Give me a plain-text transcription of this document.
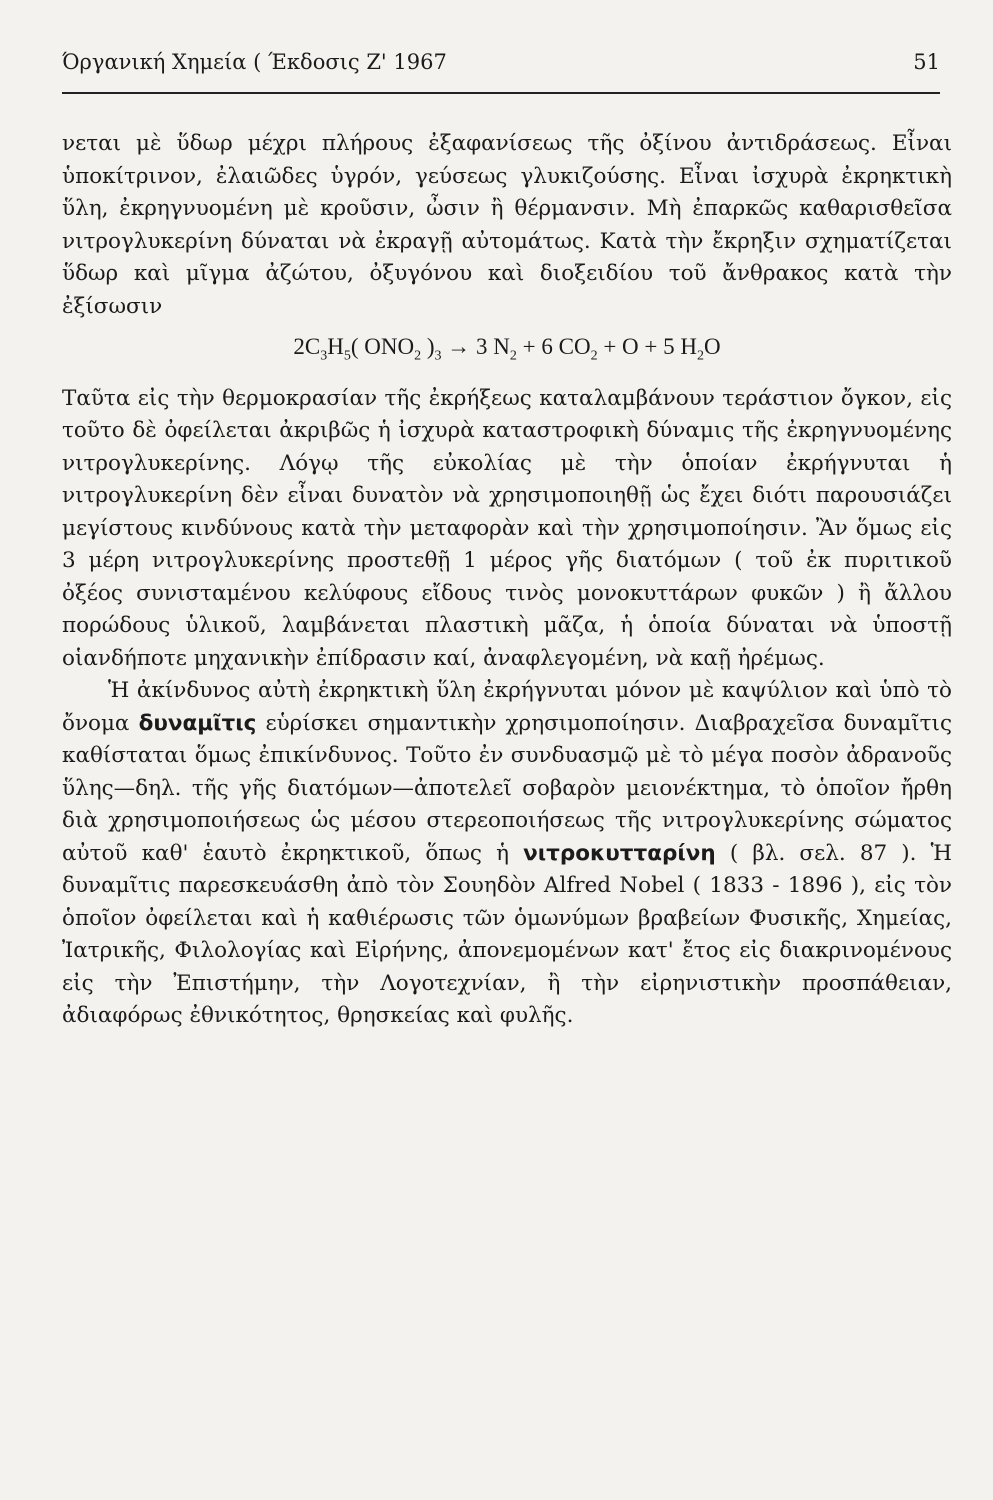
Όργανική Χημεία ( Έκδοσις Ζ' 1967	51

νεται μὲ ὕδωρ μέχρι πλήρους ἐξαφανίσεως τῆς ὀξίνου ἀντιδράσεως. Εἶναι ὑποκίτρινον, ἐλαιῶδες ὑγρόν, γεύσεως γλυκιζούσης. Εἶναι ἰσχυρὰ ἐκρηκτικὴ ὕλη, ἐκρηγνυομένη μὲ κροῦσιν, ὦσιν ἢ θέρμανσιν. Μὴ ἐπαρκῶς καθαρισθεῖσα νιτρογλυκερίνη δύναται νὰ ἐκραγῇ αὐτομάτως. Κατὰ τὴν ἔκρηξιν σχηματίζεται ὕδωρ καὶ μῖγμα ἀζώτου, ὀξυγόνου καὶ διοξειδίου τοῦ ἄνθρακος κατὰ τὴν ἐξίσωσιν

$2C_3H_5$( $ONO_2$ )$_3 \to 3$ $N_2 + 6$ $CO_2 + O + 5$ $H_2O$

Ταῦτα εἰς τὴν θερμοκρασίαν τῆς ἐκρήξεως καταλαμβάνουν τεράστιον ὄγκον, εἰς τοῦτο δὲ ὀφείλεται ἀκριβῶς ἡ ἰσχυρὰ καταστροφικὴ δύναμις τῆς ἐκρηγνυομένης νιτρογλυκερίνης. Λόγῳ τῆς εὐκολίας μὲ τὴν ὁποίαν ἐκρήγνυται ἡ νιτρογλυκερίνη δὲν εἶναι δυνατὸν νὰ χρησιμοποιηθῇ ὡς ἔχει διότι παρουσιάζει μεγίστους κινδύνους κατὰ τὴν μεταφορὰν καὶ τὴν χρησιμοποίησιν. Ἂν ὅμως εἰς 3 μέρη νιτρογλυκερίνης προστεθῇ 1 μέρος γῆς διατόμων ( τοῦ ἐκ πυριτικοῦ ὀξέος συνισταμένου κελύφους εἴδους τινὸς μονοκυττάρων φυκῶν ) ἢ ἄλλου πορώδους ὑλικοῦ, λαμβάνεται πλαστικὴ μᾶζα, ἡ ὁποία δύναται νὰ ὑποστῇ οἱανδήποτε μηχανικὴν ἐπίδρασιν καί, ἀναφλεγομένη, νὰ καῇ ἠρέμως.

Ἡ ἀκίνδυνος αὐτὴ ἐκρηκτικὴ ὕλη ἐκρήγνυται μόνον μὲ καψύλιον καὶ ὑπὸ τὸ ὄνομα δυναμῖτις εὑρίσκει σημαντικὴν χρησιμοποίησιν. Διαβραχεῖσα δυναμῖτις καθίσταται ὅμως ἐπικίνδυνος. Τοῦτο ἐν συνδυασμῷ μὲ τὸ μέγα ποσὸν ἀδρανοῦς ὕλης—δηλ. τῆς γῆς διατόμων—ἀποτελεῖ σοβαρὸν μειονέκτημα, τὸ ὁποῖον ἤρθη διὰ χρησιμοποιήσεως ὡς μέσου στερεοποιήσεως τῆς νιτρογλυκερίνης σώματος αὐτοῦ καθ' ἑαυτὸ ἐκρηκτικοῦ, ὅπως ἡ νιτροκυτταρίνη ( βλ. σελ. 87 ). Ἡ δυναμῖτις παρεσκευάσθη ἀπὸ τὸν Σουηδὸν Alfred Nobel ( 1833 - 1896 ), εἰς τὸν ὁποῖον ὀφείλεται καὶ ἡ καθιέρωσις τῶν ὁμωνύμων βραβείων Φυσικῆς, Χημείας, Ἰατρικῆς, Φιλολογίας καὶ Εἰρήνης, ἀπονεμομένων κατ' ἔτος εἰς διακρινομένους εἰς τὴν Ἐπιστήμην, τὴν Λογοτεχνίαν, ἢ τὴν εἰρηνιστικὴν προσπάθειαν, ἀδιαφόρως ἐθνικότητος, θρησκείας καὶ φυλῆς.
